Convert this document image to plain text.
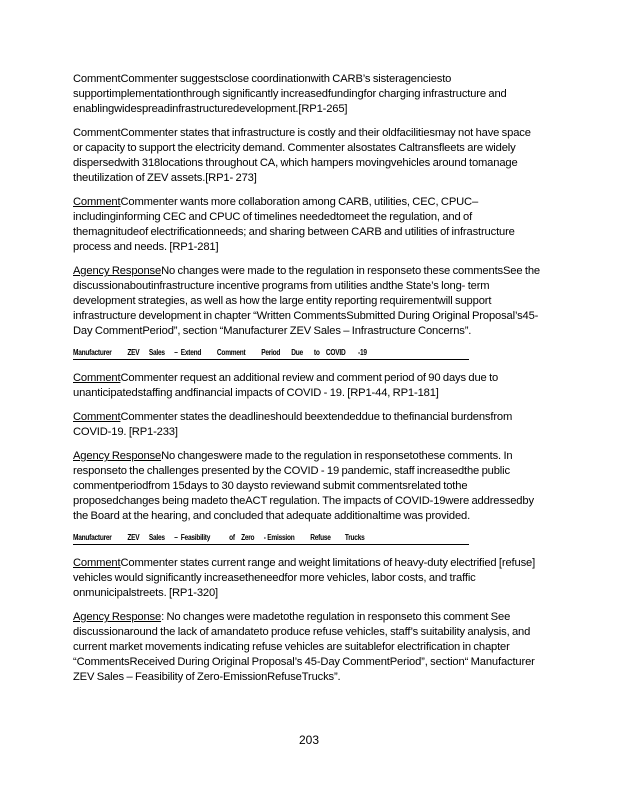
CommentCommenter suggestsclose coordinationwith CARB’s sisteragenciesto supportimplementationthrough significantly increasedfundingfor charging infrastructure and enablingwidespreadinfrastructuredevelopment.[RP1-265]

CommentCommenter states that infrastructure is costly and their oldfacilitiesmay not have space or capacity to support the electricity demand. Commenter alsostates Caltransfleets are widely dispersedwith 318locations throughout CA, which hampers movingvehicles around tomanage theutilization of ZEV assets.[RP1- 273]

CommentCommenter wants more collaboration among CARB, utilities, CEC, CPUC– includinginforming CEC and CPUC of timelines neededtomeet the regulation, and of themagnitudeof electrificationneeds; and sharing between CARB and utilities of infrastructure process and needs. [RP1-281]

Agency ResponseNo changes were made to the regulation in responseto these commentsSee the discussionaboutinfrastructure incentive programs from utilities andthe State’s long- term development strategies, as well as how the large entity reporting requirementwill support infrastructure development in chapter “Written CommentsSubmitted During Original Proposal’s45-Day CommentPeriod”, section “Manufacturer ZEV Sales – Infrastructure Concerns”.

Manufacturer          ZEV      Sales      –  Extend          Comment          Period       Due       to    COVID        -19

CommentCommenter request an additional review and comment period of 90 days due to unanticipatedstaffing andfinancial impacts of COVID - 19. [RP1-44, RP1-181]

CommentCommenter states the deadlineshould beextendeddue to thefinancial burdensfrom COVID-19. [RP1-233]

Agency ResponseNo changeswere made to the regulation in responsetothese comments. In responseto the challenges presented by the COVID - 19 pandemic, staff increasedthe public commentperiodfrom 15days to 30 daysto reviewand submit commentsrelated tothe proposedchanges being madeto theACT regulation. The impacts of COVID-19were addressedby the Board at the hearing, and concluded that adequate additionaltime was provided.

Manufacturer          ZEV      Sales      –  Feasibility            of    Zero      - Emission          Refuse         Trucks

CommentCommenter states current range and weight limitations of heavy-duty electrified [refuse] vehicles would significantly increasetheneedfor more vehicles, labor costs, and traffic onmunicipalstreets. [RP1-320]

Agency Response: No changes were madetothe regulation in responseto this comment See discussionaround the lack of amandateto produce refuse vehicles, staff’s suitability analysis, and current market movements indicating refuse vehicles are suitablefor electrification in chapter “CommentsReceived During Original Proposal’s 45-Day CommentPeriod”, section“ Manufacturer ZEV Sales – Feasibility of Zero-EmissionRefuseTrucks”.

203
